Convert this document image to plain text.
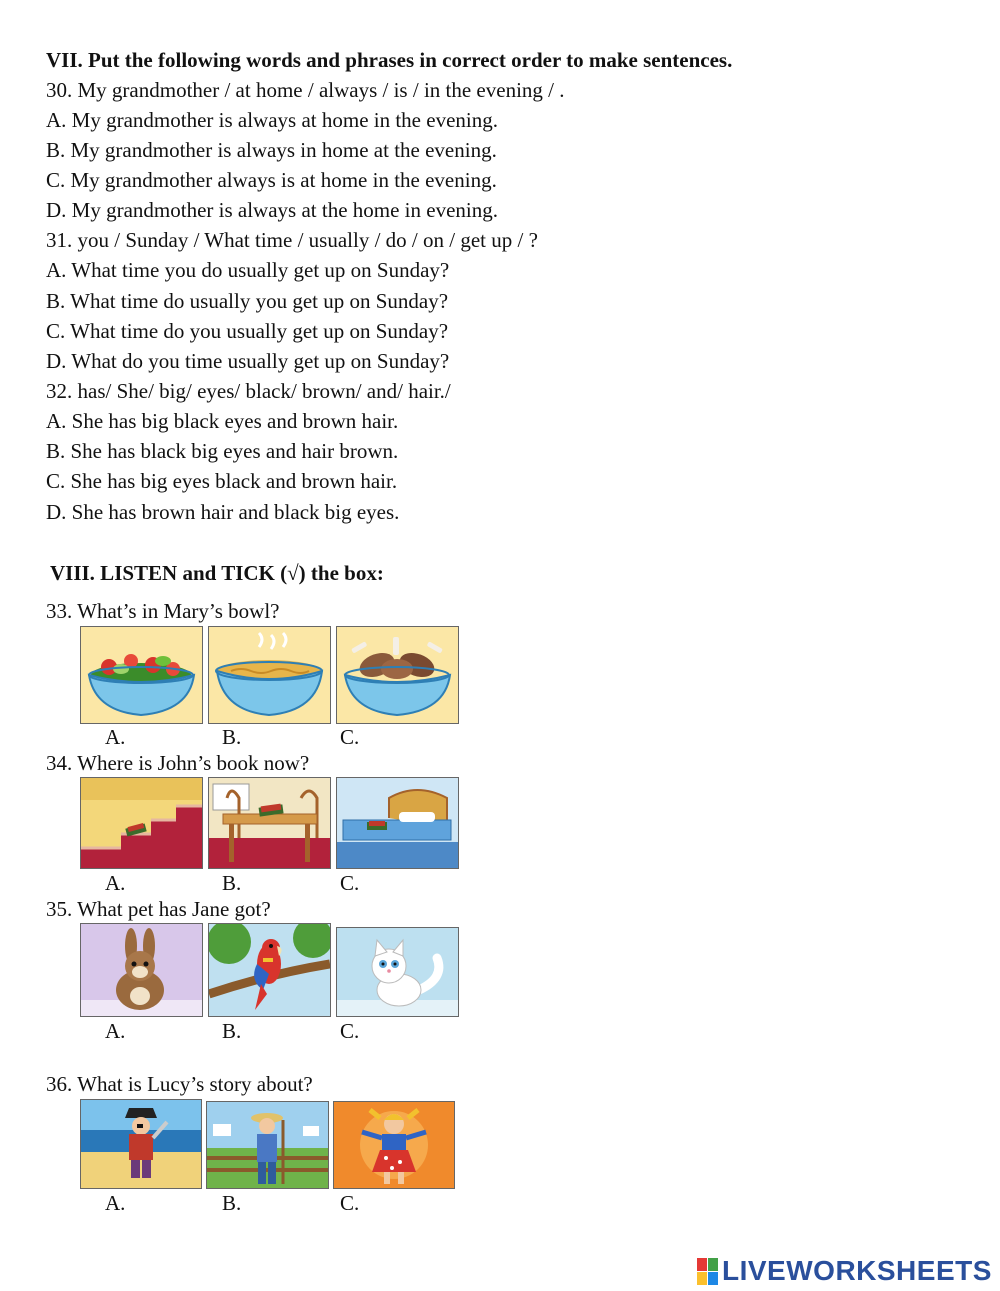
VII. Put the following words and phrases in correct order to make sentences.
30. My grandmother / at home / always / is / in the evening / .
A. My grandmother is always at home in the evening.
B. My grandmother is always in home at the evening.
C. My grandmother always is at home in the evening.
D. My grandmother is always at the home in evening.
31. you / Sunday / What time / usually / do / on / get up / ?
A. What time you do usually get up on Sunday?
B. What time do usually you get up on Sunday?
C. What time do you usually get up on Sunday?
D. What do you time usually get up on Sunday?
32. has/ She/ big/ eyes/ black/ brown/ and/ hair./
A. She has big black eyes and brown hair.
B. She has black big eyes and hair brown.
C. She has big eyes black and brown hair.
D. She has brown hair and black big eyes.
VIII. LISTEN and TICK (√) the box:
33. What’s in Mary’s bowl?
A.	B.	C.
34. Where is John’s book now?
A.	B.	C.
35. What pet has Jane got?
A.	B.	C.
36. What is Lucy’s story about?
A.	B.	C.
LIVEWORKSHEETS
